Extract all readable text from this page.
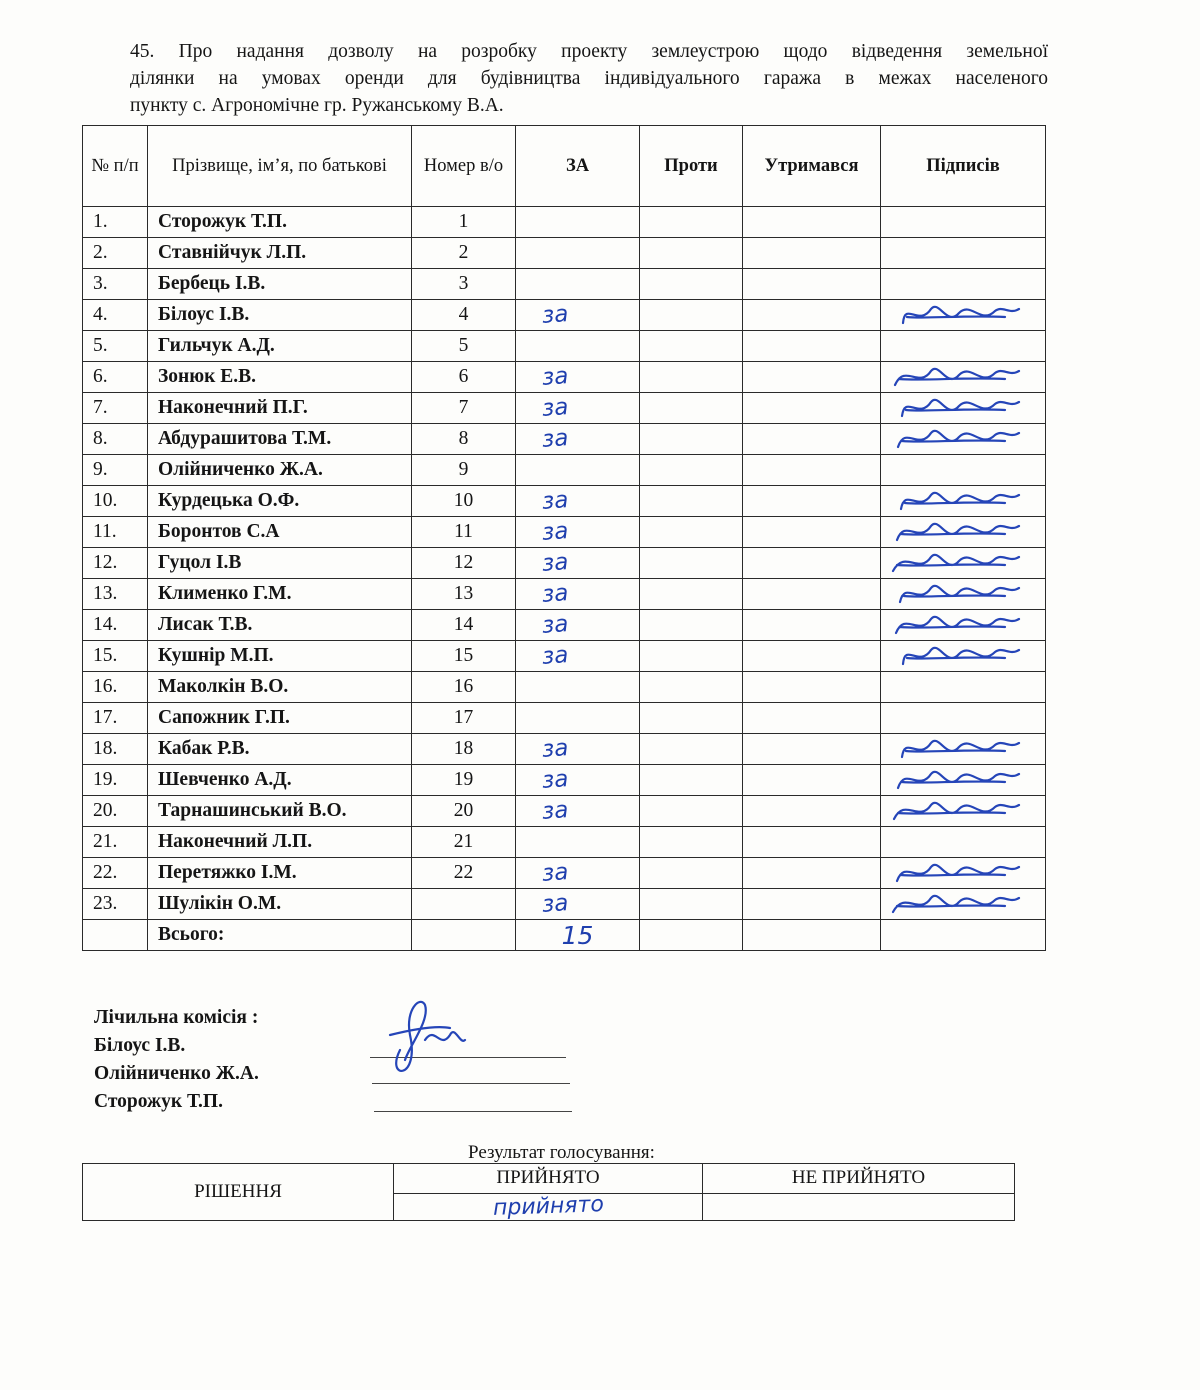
45. Про надання дозволу на розробку проекту землеустрою щодо відведення земельної
ділянки на умовах оренди для будівництва індивідуального гаража в межах населеного
пункту с. Агрономічне гр. Ружанському В.А.
№ п/п	Прізвище, ім’я, по батькові	Номер в/о	ЗА	Проти	Утримався	Підписів
1.	Сторожук Т.П.	1				
2.	Ставнійчук Л.П.	2				
3.	Бербець І.В.	3				
4.	Білоус І.В.	4	за			

5.	Гильчук А.Д.	5				
6.	Зонюк Е.В.	6	за			

7.	Наконечний П.Г.	7	за			

8.	Абдурашитова Т.М.	8	за			

9.	Олійниченко Ж.А.	9				
10.	Курдецька О.Ф.	10	за			

11.	Боронтов С.А	11	за			

12.	Гуцол І.В	12	за			

13.	Клименко Г.М.	13	за			

14.	Лисак Т.В.	14	за			

15.	Кушнір М.П.	15	за			

16.	Маколкін В.О.	16				
17.	Сапожник Г.П.	17				
18.	Кабак Р.В.	18	за			

19.	Шевченко А.Д.	19	за			

20.	Тарнашинський В.О.	20	за			

21.	Наконечний Л.П.	21				
22.	Перетяжко І.М.	22	за			

23.	Шулікін О.М.		за			

	Всього:		15			
Лічильна комісія :
Білоус І.В.
Олійниченко Ж.А.
Сторожук Т.П.
Результат голосування:
РІШЕННЯ	ПРИЙНЯТО	НЕ ПРИЙНЯТО
	прийнято	
